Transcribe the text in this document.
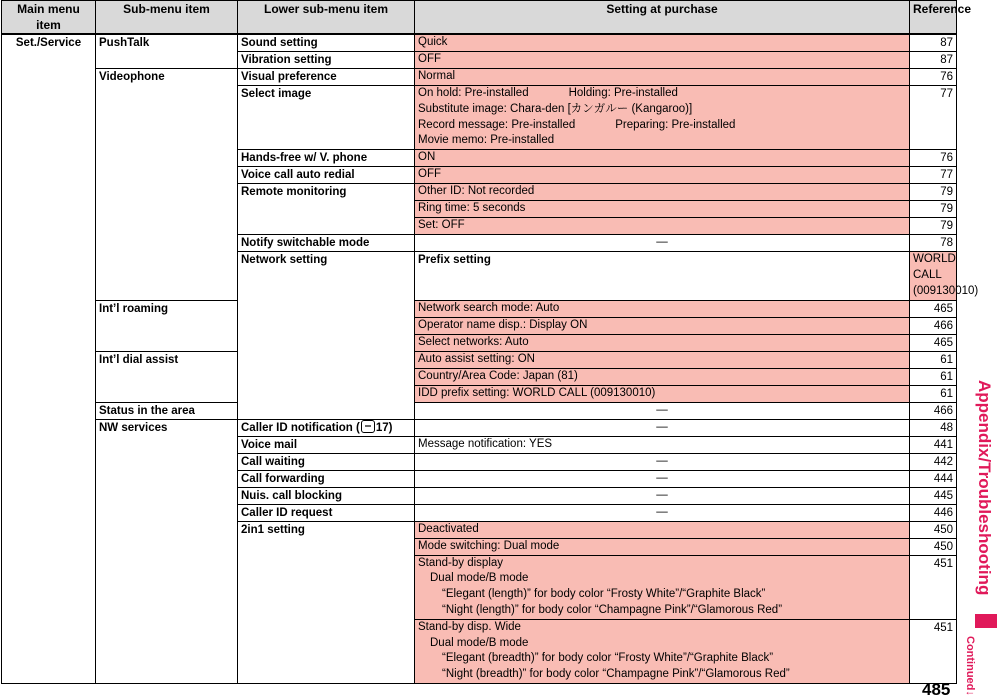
Main menu item	Sub-menu item	Lower sub-menu item	Setting at purchase	Reference	
Set./Service	PushTalk	Sound setting	Quick	87	
		Vibration setting	OFF	87	
	Videophone	Visual preference	Normal	76	
		Select image	On hold: Pre-installed Holding: Pre-installed
Substitute image: Chara-den [カンガルー (Kangaroo)]
Record message: Pre-installed Preparing: Pre-installed
Movie memo: Pre-installed	77	
		Hands-free w/ V. phone	ON	76	
		Voice call auto redial	OFF	77	
		Remote monitoring	Other ID: Not recorded	79	
			Ring time: 5 seconds	79	
			Set: OFF	79	
		Notify switchable mode	—	78	
		Network setting	Prefix setting	WORLD CALL (009130010)	
	Int’l roaming		Network search mode: Auto	465	
			Operator name disp.: Display ON	466	
			Select networks: Auto	465	
	Int’l dial assist		Auto assist setting: ON	61	
			Country/Area Code: Japan (81)	61	
			IDD prefix setting: WORLD CALL (009130010)	61	
	Status in the area		—	466	
	NW services	Caller ID notification ( 17)	—	48	
		Voice mail	Message notification: YES	441	
		Call waiting	—	442	
		Call forwarding	—	444	
		Nuis. call blocking	—	445	
		Caller ID request	—	446	
		2in1 setting	Deactivated	450	
			Mode switching: Dual mode	450	

			Stand-by display
Dual mode/B mode
“Elegant (length)” for body color “Frosty White”/“Graphite Black”
“Night (length)” for body color “Champagne Pink”/“Glamorous Red”	451	

			Stand-by disp. Wide
Dual mode/B mode
“Elegant (breadth)” for body color “Frosty White”/“Graphite Black”
“Night (breadth)” for body color “Champagne Pink”/“Glamorous Red”	451	
Appendix/Troubleshooting
Continued↓
485
